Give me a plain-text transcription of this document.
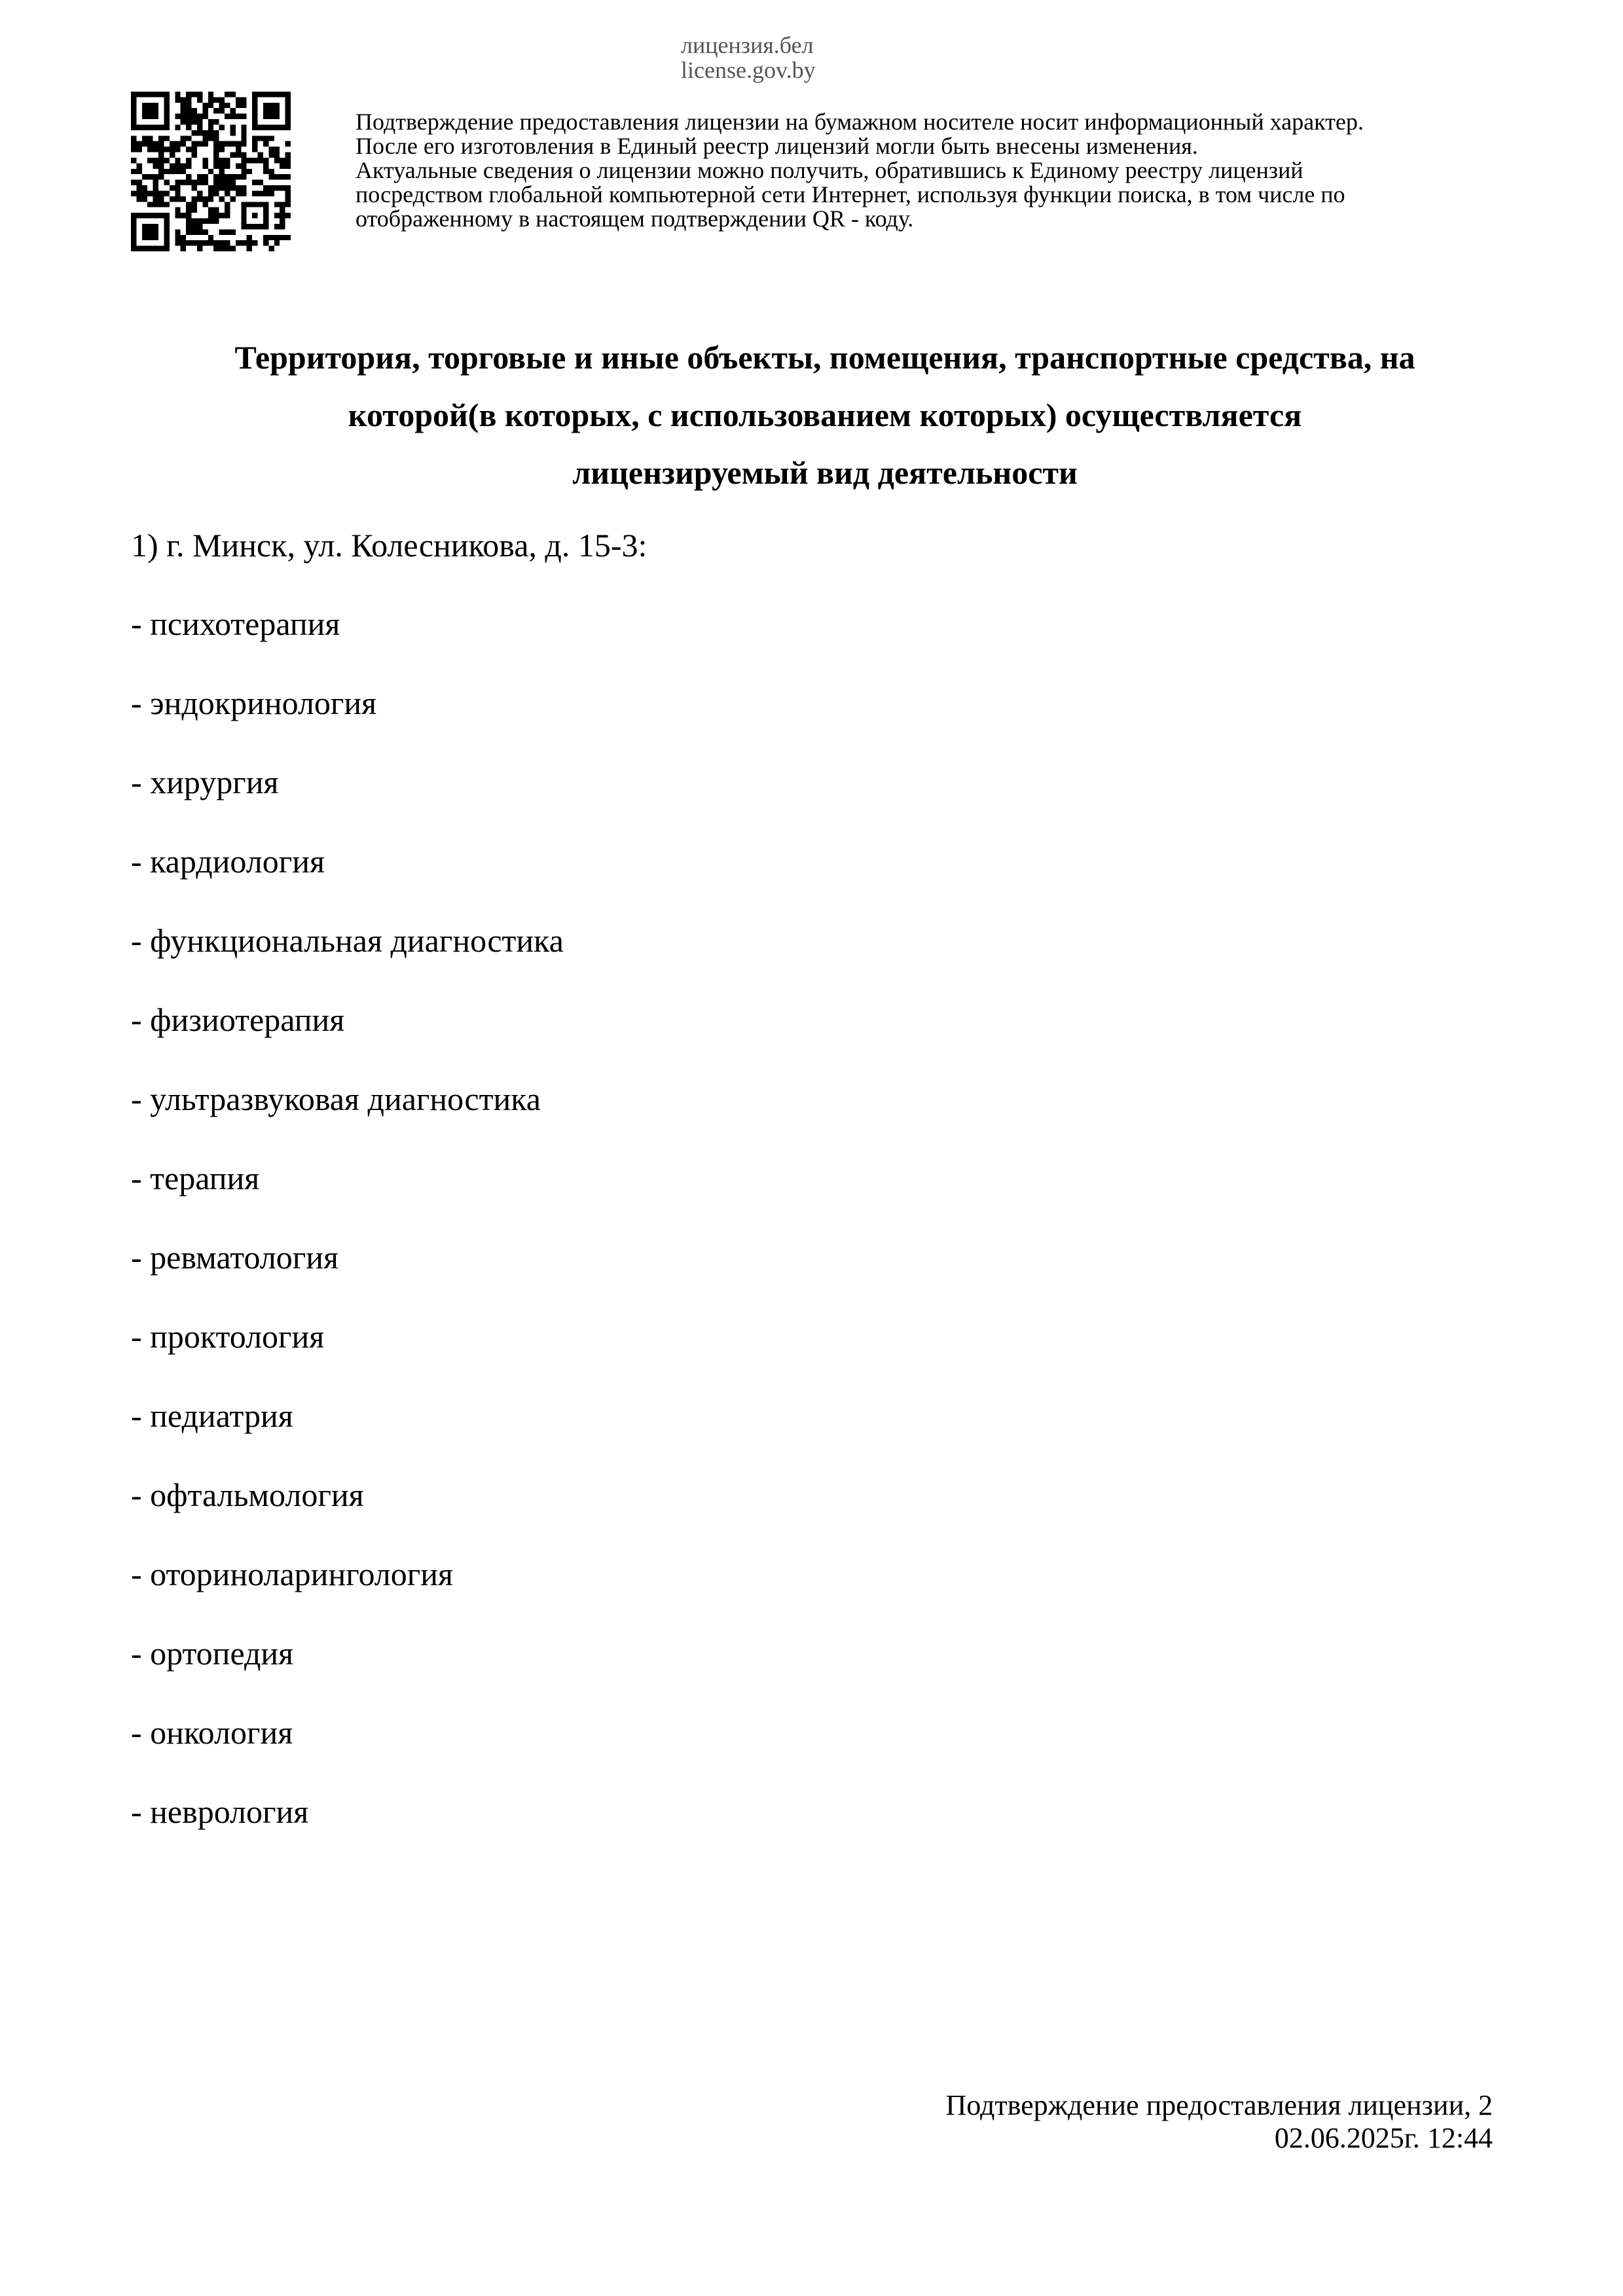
лицензия.бел
license.gov.by
Подтверждение предоставления лицензии на бумажном носителе носит информационный характер.
После его изготовления в Единый реестр лицензий могли быть внесены изменения.
Актуальные сведения о лицензии можно получить, обратившись к Единому реестру лицензий
посредством глобальной компьютерной сети Интернет, используя функции поиска, в том числе по
отображенному в настоящем подтверждении QR - коду.
Территория, торговые и иные объекты, помещения, транспортные средства, на
которой(в которых, с использованием которых) осуществляется
лицензируемый вид деятельности
1) г. Минск, ул. Колесникова, д. 15-3:
- психотерапия
- эндокринология
- хирургия
- кардиология
- функциональная диагностика
- физиотерапия
- ультразвуковая диагностика
- терапия
- ревматология
- проктология
- педиатрия
- офтальмология
- оториноларингология
- ортопедия
- онкология
- неврология
Подтверждение предоставления лицензии, 2
02.06.2025г. 12:44
